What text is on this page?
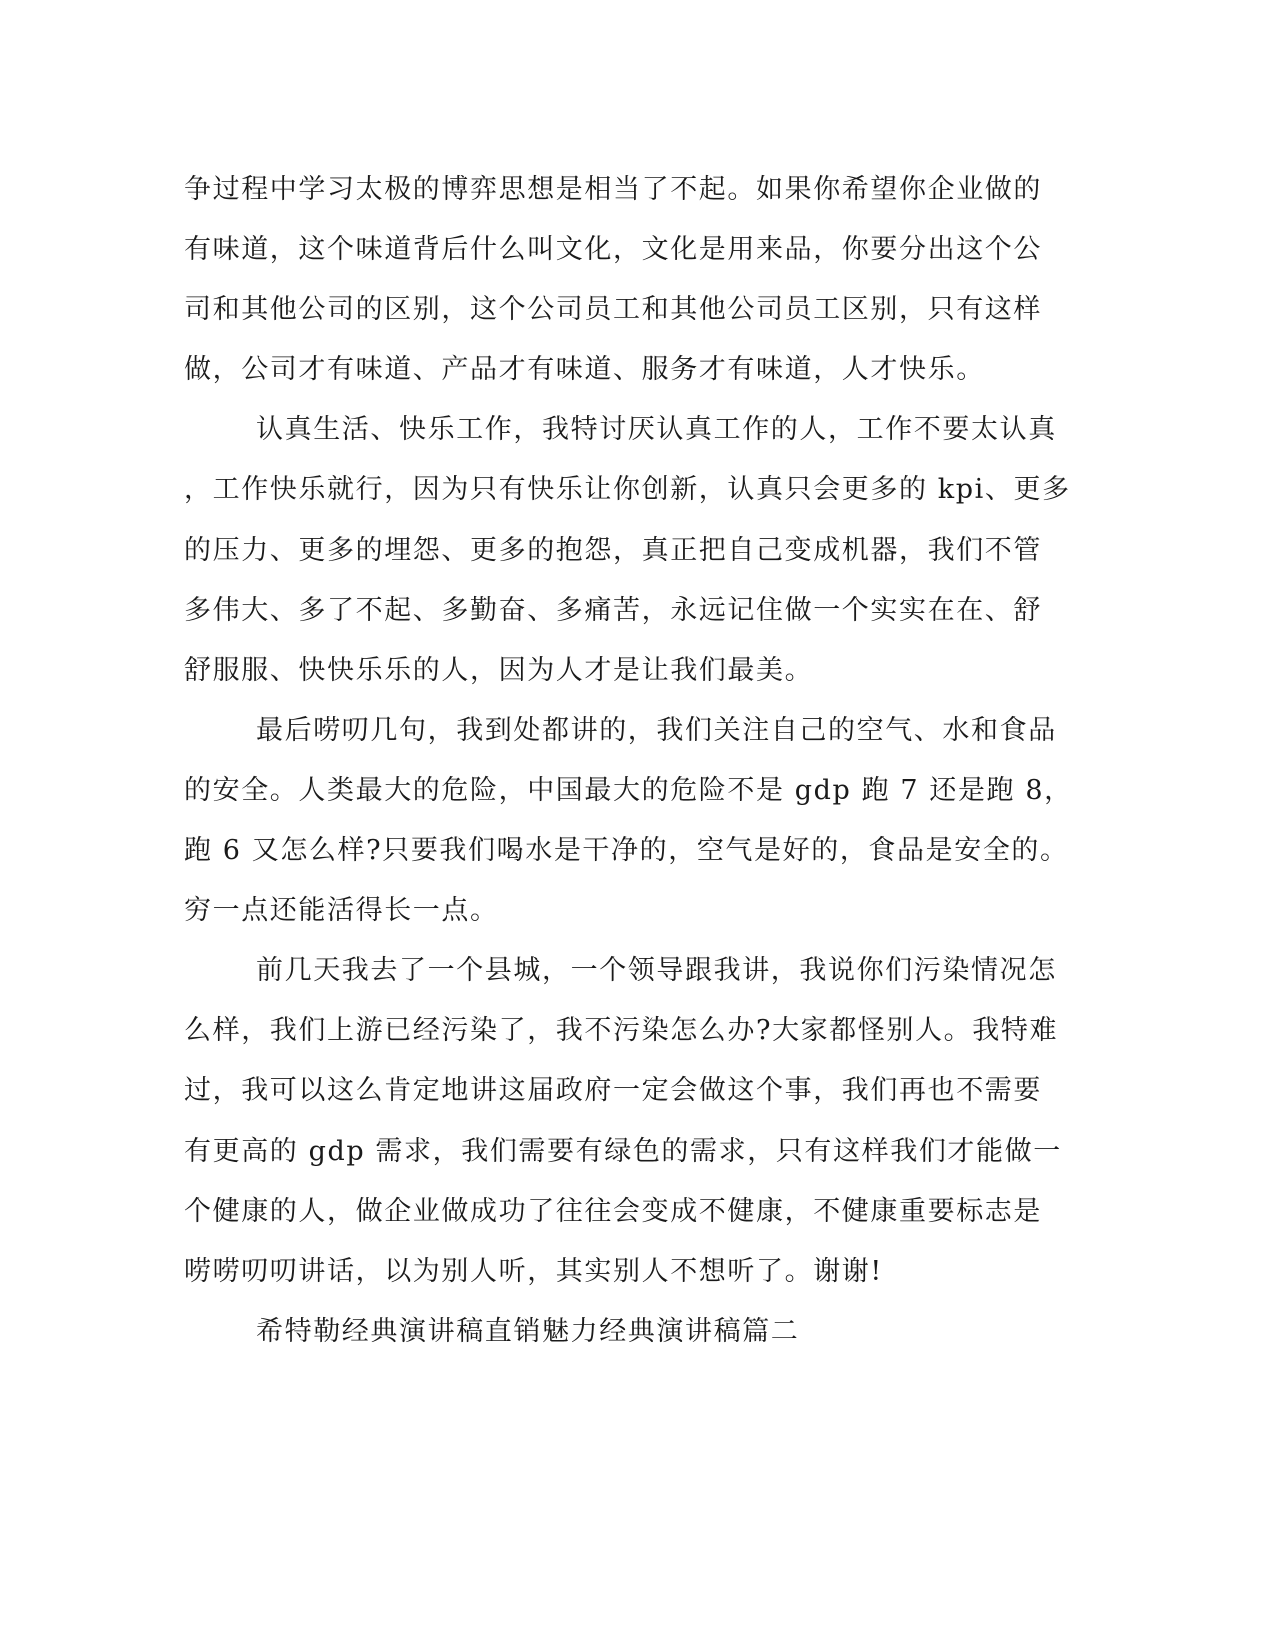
争过程中学习太极的博弈思想是相当了不起。如果你希望你企业做的
有味道，这个味道背后什么叫文化，文化是用来品，你要分出这个公
司和其他公司的区别，这个公司员工和其他公司员工区别，只有这样
做，公司才有味道、产品才有味道、服务才有味道，人才快乐。
认真生活、快乐工作，我特讨厌认真工作的人，工作不要太认真
，工作快乐就行，因为只有快乐让你创新，认真只会更多的 kpi、更多
的压力、更多的埋怨、更多的抱怨，真正把自己变成机器，我们不管
多伟大、多了不起、多勤奋、多痛苦，永远记住做一个实实在在、舒
舒服服、快快乐乐的人，因为人才是让我们最美。
最后唠叨几句，我到处都讲的，我们关注自己的空气、水和食品
的安全。人类最大的危险，中国最大的危险不是 gdp 跑 7 还是跑 8，
跑 6 又怎么样?只要我们喝水是干净的，空气是好的，食品是安全的。
穷一点还能活得长一点。
前几天我去了一个县城，一个领导跟我讲，我说你们污染情况怎
么样，我们上游已经污染了，我不污染怎么办?大家都怪别人。我特难
过，我可以这么肯定地讲这届政府一定会做这个事，我们再也不需要
有更高的 gdp 需求，我们需要有绿色的需求，只有这样我们才能做一
个健康的人，做企业做成功了往往会变成不健康，不健康重要标志是
唠唠叨叨讲话，以为别人听，其实别人不想听了。谢谢!
希特勒经典演讲稿直销魅力经典演讲稿篇二
